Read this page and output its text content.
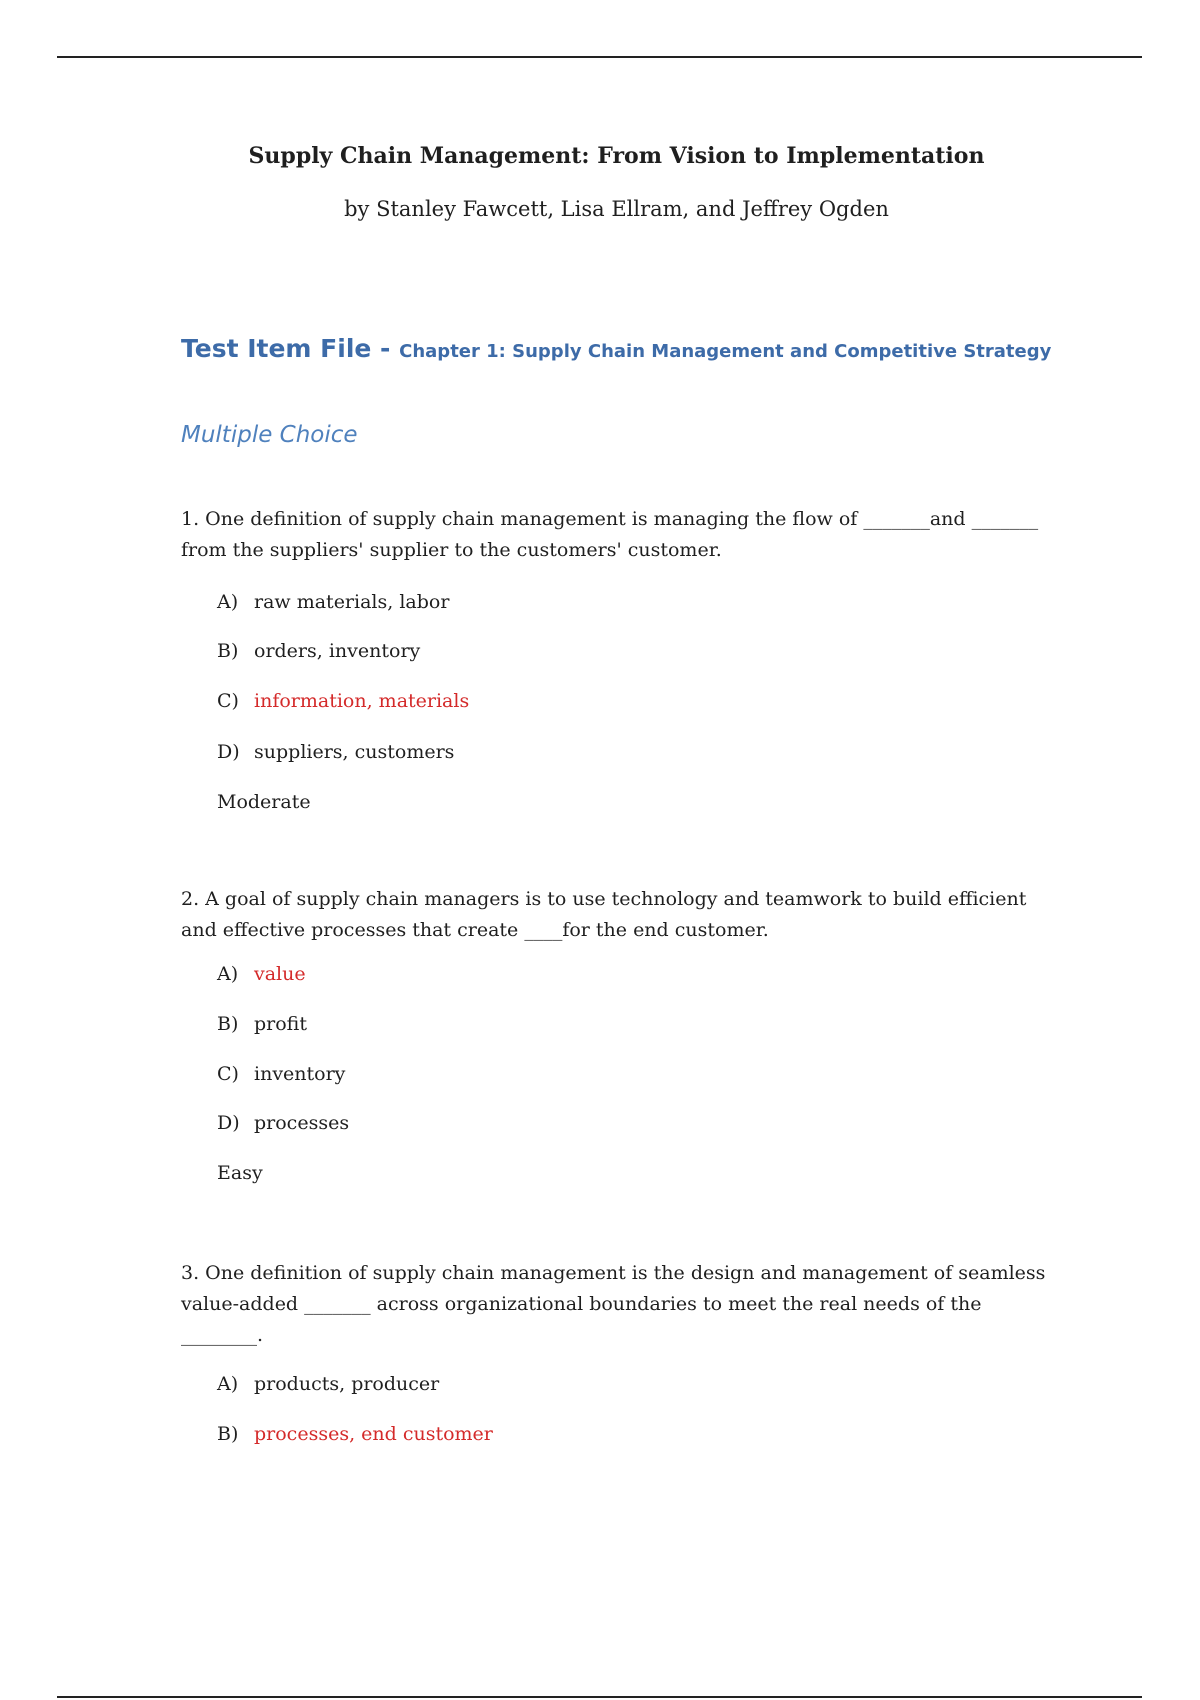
Supply Chain Management: From Vision to Implementation
by Stanley Fawcett, Lisa Ellram, and Jeffrey Ogden
Test Item File - Chapter 1: Supply Chain Management and Competitive Strategy
Multiple Choice
1. One definition of supply chain management is managing the flow of _______and _______ from the suppliers' supplier to the customers' customer.
A) raw materials, labor
B) orders, inventory
C) information, materials
D) suppliers, customers
Moderate
2. A goal of supply chain managers is to use technology and teamwork to build efficient and effective processes that create ____for the end customer.
A) value
B) profit
C) inventory
D) processes
Easy
3. One definition of supply chain management is the design and management of seamless value-added _______ across organizational boundaries to meet the real needs of the ________.
A) products, producer
B) processes, end customer
